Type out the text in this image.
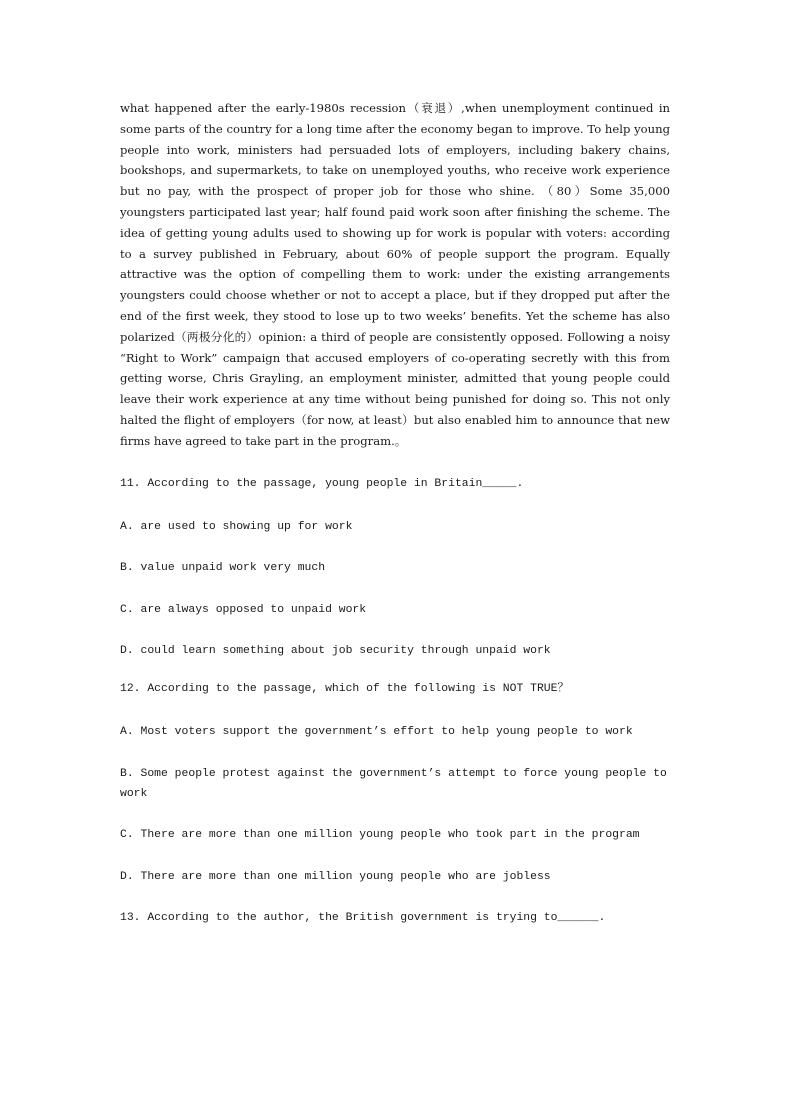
what happened after the early-1980s recession（衰退）,when unemployment continued in some parts of the country for a long time after the economy began to improve. To help young people into work, ministers had persuaded lots of employers, including bakery chains, bookshops, and supermarkets, to take on unemployed youths, who receive work experience but no pay, with the prospect of proper job for those who shine. （80）Some 35,000 youngsters participated last year; half found paid work soon after finishing the scheme. The idea of getting young adults used to showing up for work is popular with voters: according to a survey published in February, about 60% of people support the program. Equally attractive was the option of compelling them to work: under the existing arrangements youngsters could choose whether or not to accept a place, but if they dropped put after the end of the first week, they stood to lose up to two weeks’ benefits. Yet the scheme has also polarized（两极分化的）opinion: a third of people are consistently opposed. Following a noisy “Right to Work” campaign that accused employers of co-operating secretly with this from getting worse, Chris Grayling, an employment minister, admitted that young people could leave their work experience at any time without being punished for doing so. This not only halted the flight of employers（for now, at least）but also enabled him to announce that new firms have agreed to take part in the program.。

11. According to the passage, young people in Britain_____.

A. are used to showing up for work

B. value unpaid work very much

C. are always opposed to unpaid work

D. could learn something about job security through unpaid work

12. According to the passage, which of the following is NOT TRUE？

A. Most voters support the government’s effort to help young people to work

B. Some people protest against the government’s attempt to force young people to work

C. There are more than one million young people who took part in the program

D. There are more than one million young people who are jobless

13. According to the author, the British government is trying to______.
